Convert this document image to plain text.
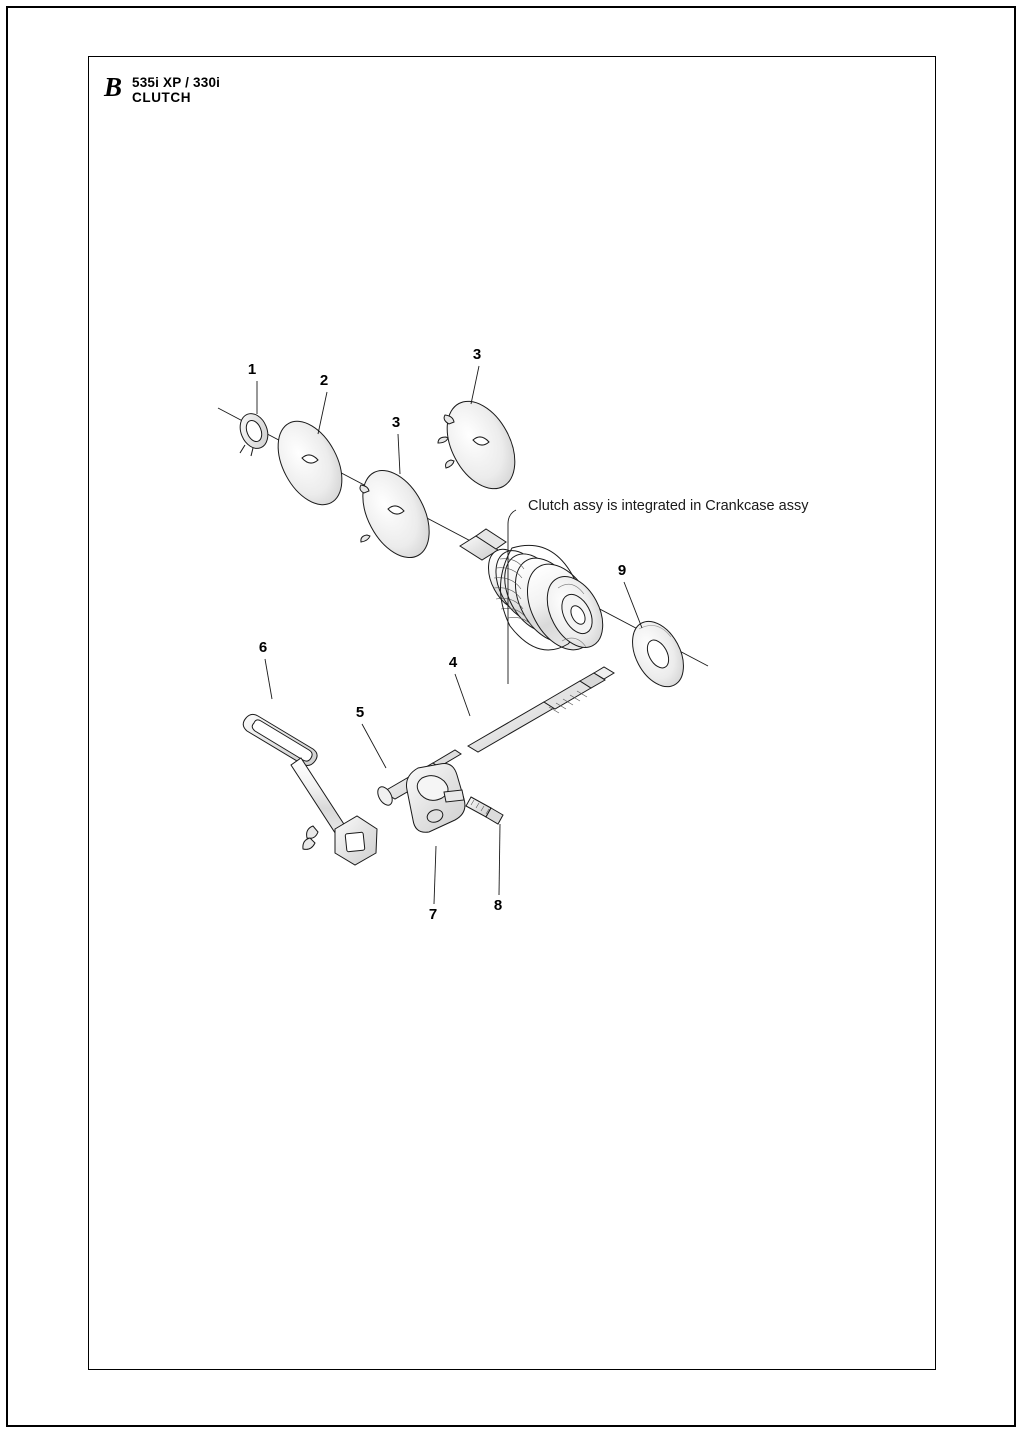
B 535i XP / 330i
CLUTCH
1
2
3
3
9
6
4
5
7
8
Clutch assy is integrated in Crankcase assy
